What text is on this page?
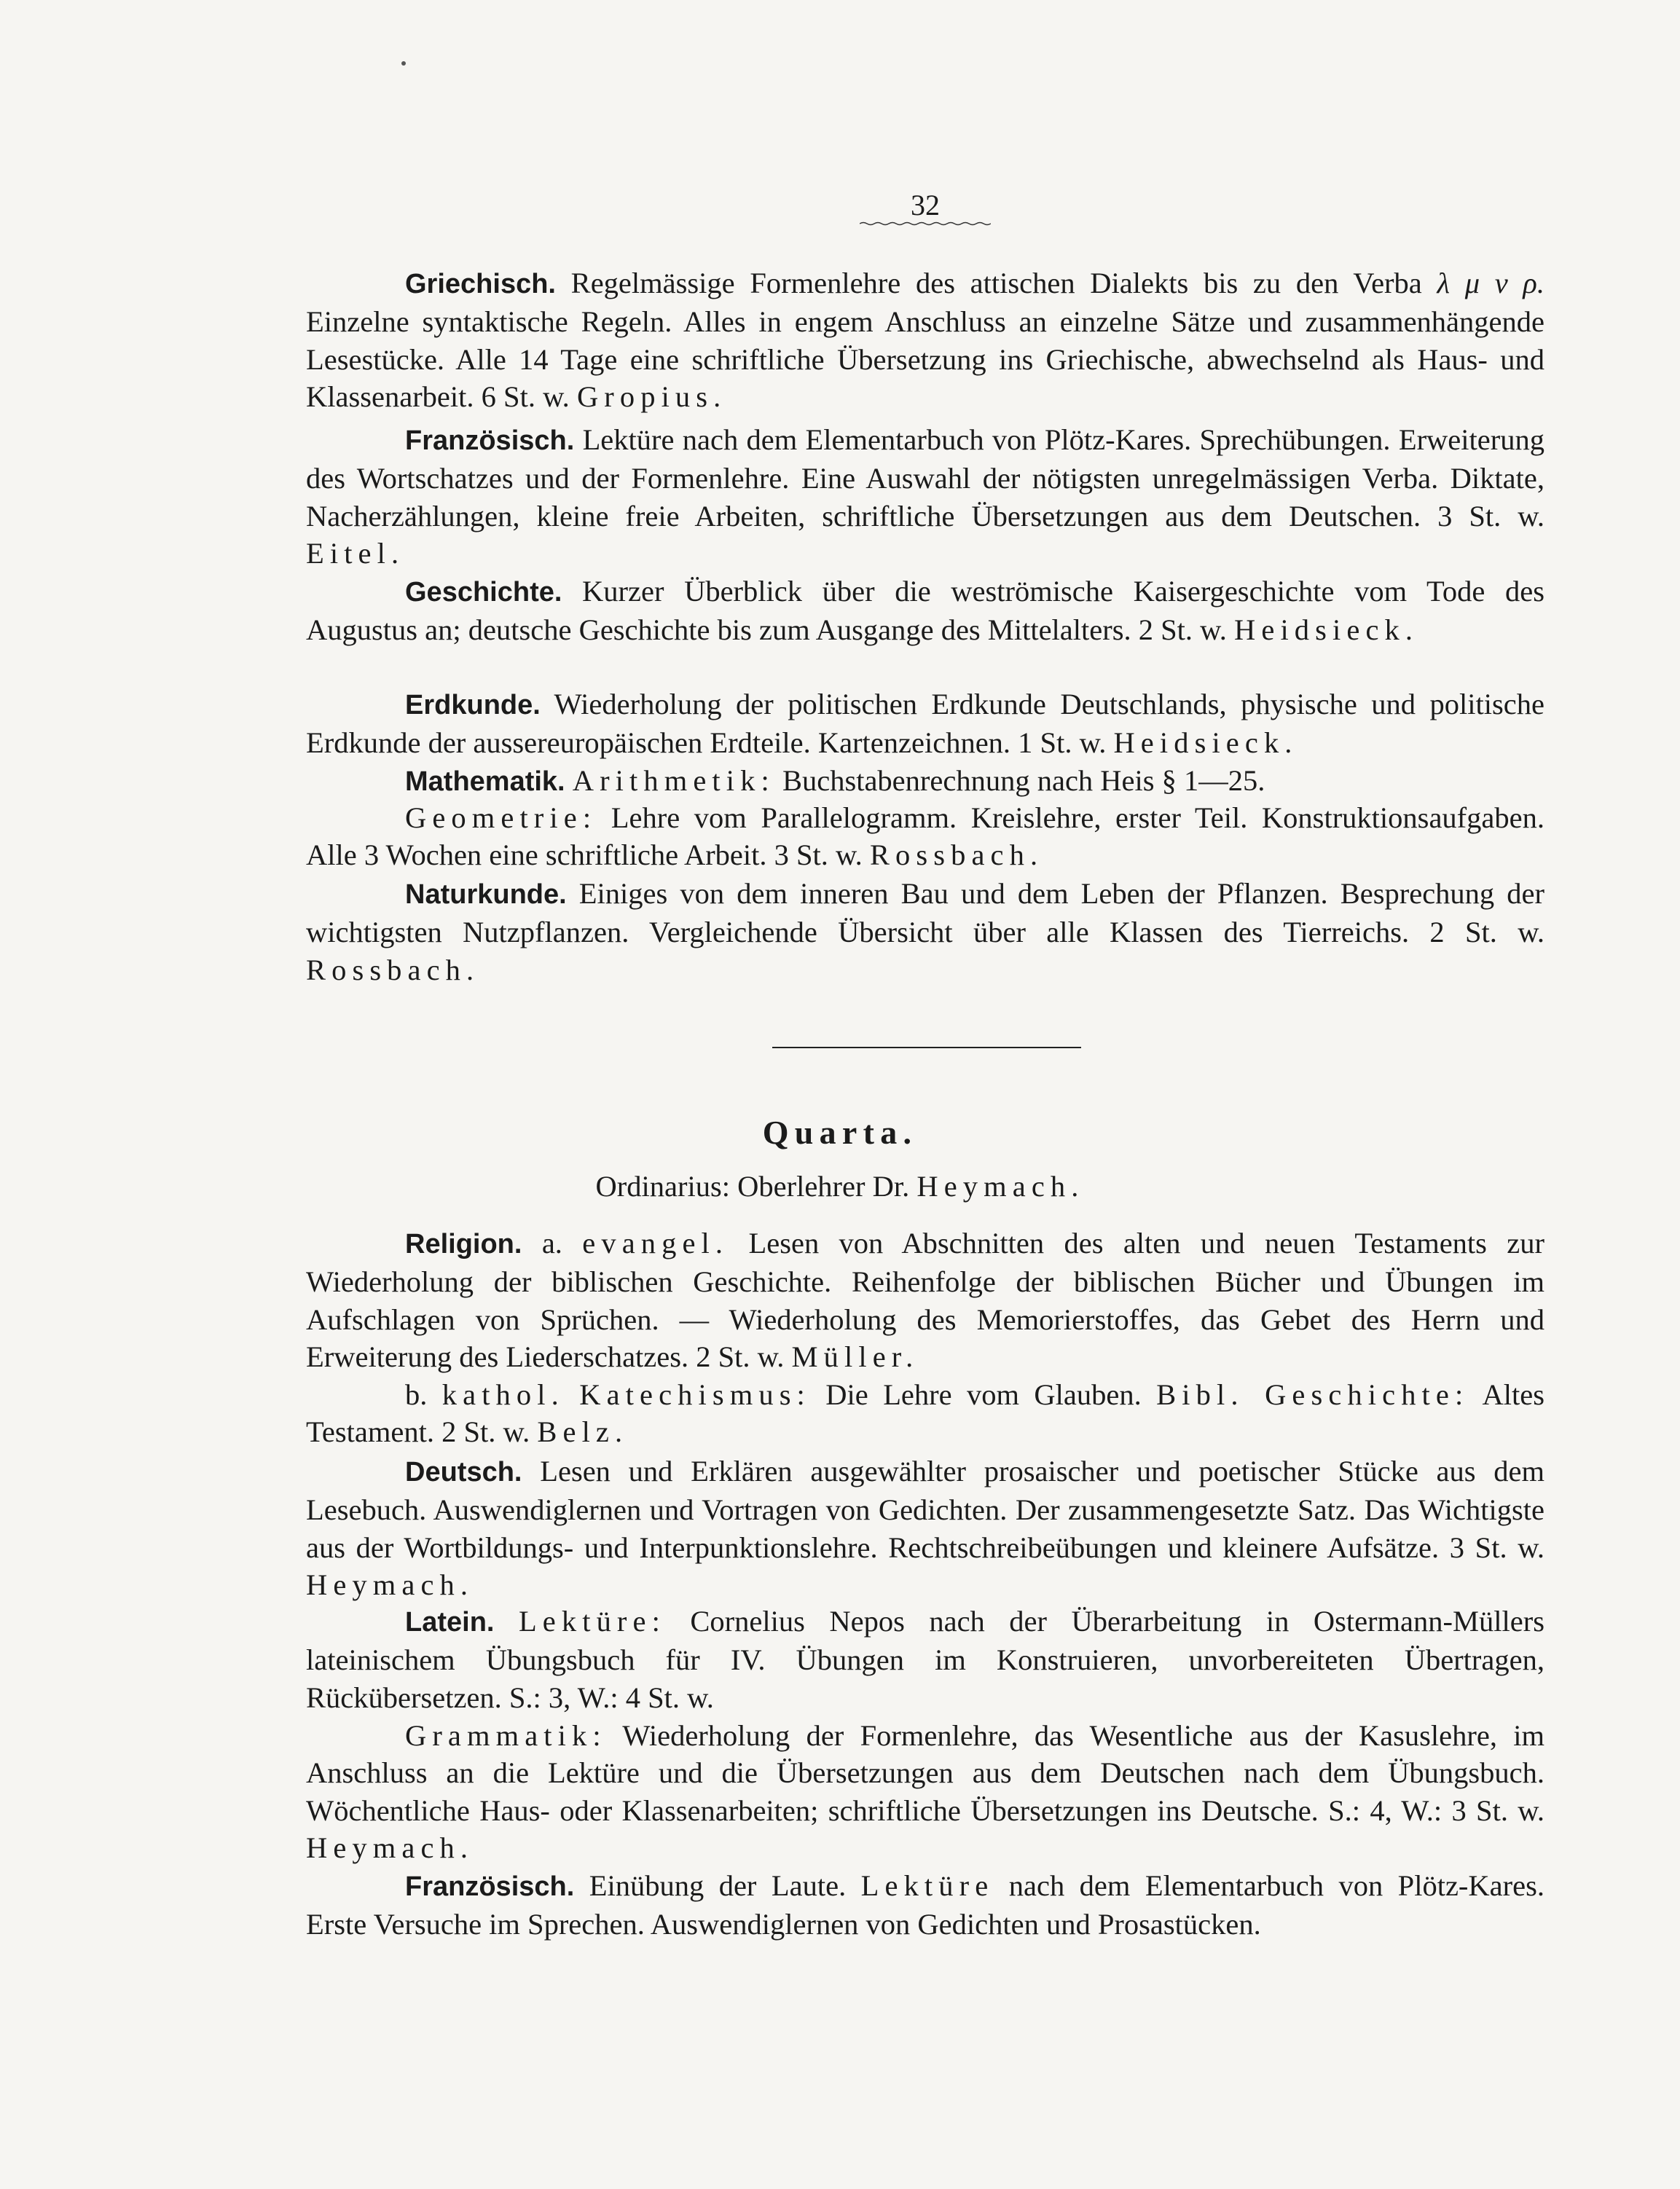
32
Griechisch. Regelmässige Formenlehre des attischen Dialekts bis zu den Verba λ μ ν ρ. Einzelne syntaktische Regeln. Alles in engem Anschluss an einzelne Sätze und zusammenhängende Lesestücke. Alle 14 Tage eine schriftliche Übersetzung ins Griechische, abwechselnd als Haus- und Klassenarbeit. 6 St. w. Gropius.
Französisch. Lektüre nach dem Elementarbuch von Plötz-Kares. Sprechübungen. Erweiterung des Wortschatzes und der Formenlehre. Eine Auswahl der nötigsten unregelmässigen Verba. Diktate, Nacherzählungen, kleine freie Arbeiten, schriftliche Übersetzungen aus dem Deutschen. 3 St. w. Eitel.
Geschichte. Kurzer Überblick über die weströmische Kaisergeschichte vom Tode des Augustus an; deutsche Geschichte bis zum Ausgange des Mittelalters. 2 St. w. Heidsieck.
Erdkunde. Wiederholung der politischen Erdkunde Deutschlands, physische und politische Erdkunde der aussereuropäischen Erdteile. Kartenzeichnen. 1 St. w. Heidsieck.
Mathematik. Arithmetik: Buchstabenrechnung nach Heis § 1—25.
Geometrie: Lehre vom Parallelogramm. Kreislehre, erster Teil. Konstruktionsaufgaben. Alle 3 Wochen eine schriftliche Arbeit. 3 St. w. Rossbach.
Naturkunde. Einiges von dem inneren Bau und dem Leben der Pflanzen. Besprechung der wichtigsten Nutzpflanzen. Vergleichende Übersicht über alle Klassen des Tierreichs. 2 St. w. Rossbach.
Quarta.
Ordinarius: Oberlehrer Dr. Heymach.
Religion. a. evangel. Lesen von Abschnitten des alten und neuen Testaments zur Wiederholung der biblischen Geschichte. Reihenfolge der biblischen Bücher und Übungen im Aufschlagen von Sprüchen. — Wiederholung des Memorierstoffes, das Gebet des Herrn und Erweiterung des Liederschatzes. 2 St. w. Müller.
b. kathol. Katechismus: Die Lehre vom Glauben. Bibl. Geschichte: Altes Testament. 2 St. w. Belz.
Deutsch. Lesen und Erklären ausgewählter prosaischer und poetischer Stücke aus dem Lesebuch. Auswendiglernen und Vortragen von Gedichten. Der zusammengesetzte Satz. Das Wichtigste aus der Wortbildungs- und Interpunktionslehre. Rechtschreibeübungen und kleinere Aufsätze. 3 St. w. Heymach.
Latein. Lektüre: Cornelius Nepos nach der Überarbeitung in Ostermann-Müllers lateinischem Übungsbuch für IV. Übungen im Konstruieren, unvorbereiteten Übertragen, Rückübersetzen. S.: 3, W.: 4 St. w.
Grammatik: Wiederholung der Formenlehre, das Wesentliche aus der Kasuslehre, im Anschluss an die Lektüre und die Übersetzungen aus dem Deutschen nach dem Übungsbuch. Wöchentliche Haus- oder Klassenarbeiten; schriftliche Übersetzungen ins Deutsche. S.: 4, W.: 3 St. w. Heymach.
Französisch. Einübung der Laute. Lektüre nach dem Elementarbuch von Plötz-Kares. Erste Versuche im Sprechen. Auswendiglernen von Gedichten und Prosastücken.
